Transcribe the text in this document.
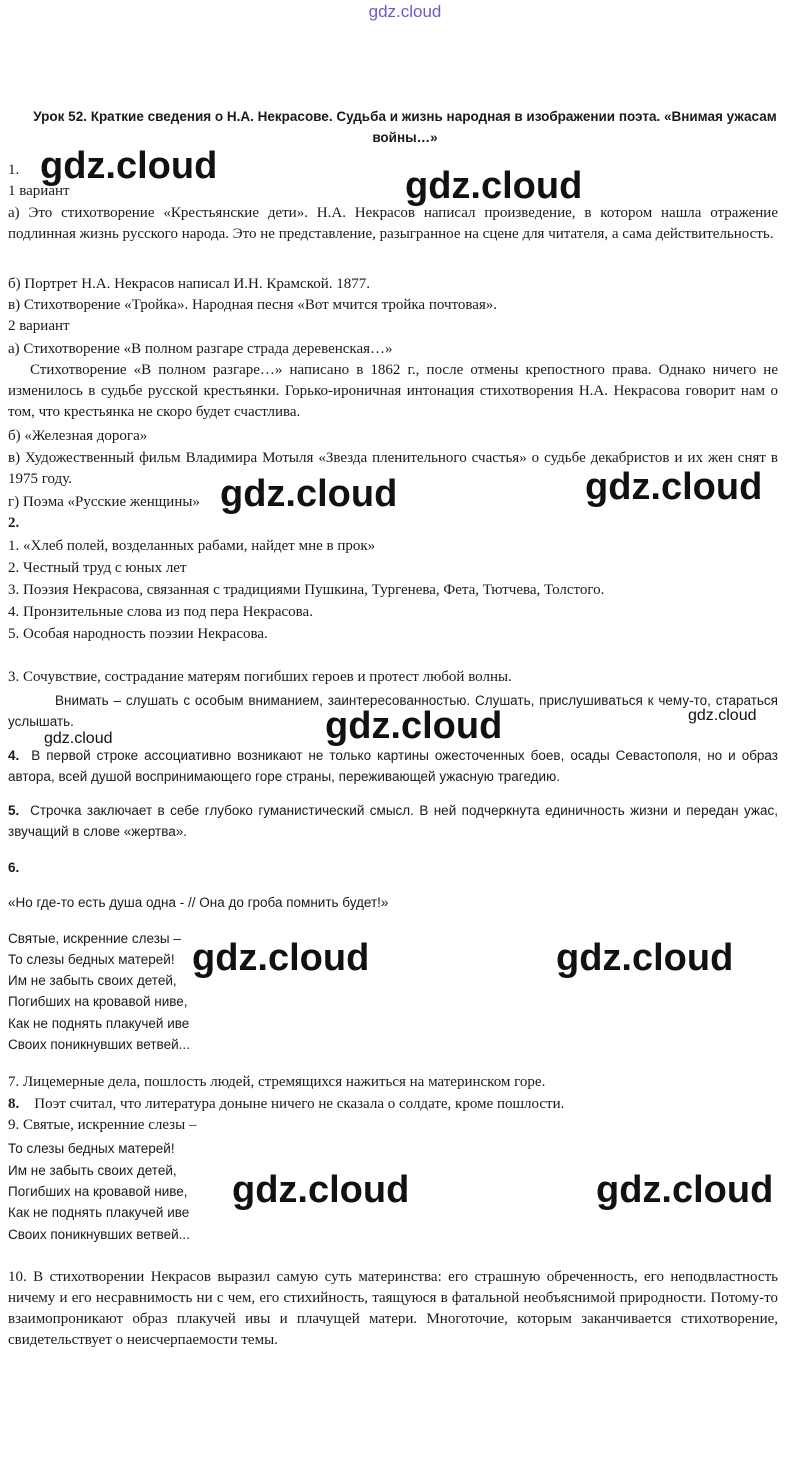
gdz.cloud

Урок 52. Краткие сведения о Н.А. Некрасове. Судьба и жизнь народная в изображении поэта. «Внимая ужасам войны…»

1.
1 вариант

а) Это стихотворение «Крестьянские дети». Н.А. Некрасов написал произведение, в котором нашла отражение подлинная жизнь русского народа. Это не представление, разыгранное на сцене для читателя, а сама действительность.

б) Портрет Н.А. Некрасов написал И.Н. Крамской. 1877.
в) Стихотворение «Тройка». Народная песня «Вот мчится тройка почтовая».
2 вариант
а) Стихотворение «В полном разгаре страда деревенская…»

Стихотворение «В полном разгаре…» написано в 1862 г., после отмены крепостного права. Однако ничего не изменилось в судьбе русской крестьянки. Горько-ироничная интонация стихотворения Н.А. Некрасова говорит нам о том, что крестьянка не скоро будет счастлива.

б) «Железная дорога»

в) Художественный фильм Владимира Мотыля «Звезда пленительного счастья» о судьбе декабристов и их жен снят в 1975 году.

г) Поэма «Русские женщины»
2.
1. «Хлеб полей, возделанных рабами, найдет мне в прок»
2. Честный труд с юных лет
3. Поэзия Некрасова, связанная с традициями Пушкина, Тургенева, Фета, Тютчева, Толстого.
4. Пронзительные слова из под пера Некрасова.
5. Особая народность поэзии Некрасова.
3. Сочувствие, сострадание матерям погибших героев и протест любой волны.

Внимать – слушать с особым вниманием, заинтересованностью. Слушать, прислушиваться к чему-то, стараться услышать.

4. В первой строке ассоциативно возникают не только картины ожесточенных боев, осады Севастополя, но и образ автора, всей душой воспринимающего горе страны, переживающей ужасную трагедию.

5. Строчка заключает в себе глубоко гуманистический смысл. В ней подчеркнута единичность жизни и передан ужас, звучащий в слове «жертва».

6.
«Но где-то есть душа одна - // Она до гроба помнить будет!»
Святые, искренние слезы –
То слезы бедных матерей!
Им не забыть своих детей,
Погибших на кровавой ниве,
Как не поднять плакучей иве
Своих поникнувших ветвей...
7. Лицемерные дела, пошлость людей, стремящихся нажиться на материнском горе.
8. Поэт считал, что литература доныне ничего не сказала о солдате, кроме пошлости.
9. Святые, искренние слезы –
То слезы бедных матерей!
Им не забыть своих детей,
Погибших на кровавой ниве,
Как не поднять плакучей иве
Своих поникнувших ветвей...

10. В стихотворении Некрасов выразил самую суть материнства: его страшную обреченность, его неподвластность ничему и его несравнимость ни с чем, его стихийность, таящуюся в фатальной необъяснимой природности. Потому-то взаимопроникают образ плакучей ивы и плачущей матери. Многоточие, которым заканчивается стихотворение, свидетельствует о неисчерпаемости темы.

gdz.cloud	gdz.cloud
gdz.cloud	gdz.cloud
gdz.cloud	gdz.cloud
gdz.cloud
gdz.cloud	gdz.cloud
gdz.cloud	gdz.cloud
